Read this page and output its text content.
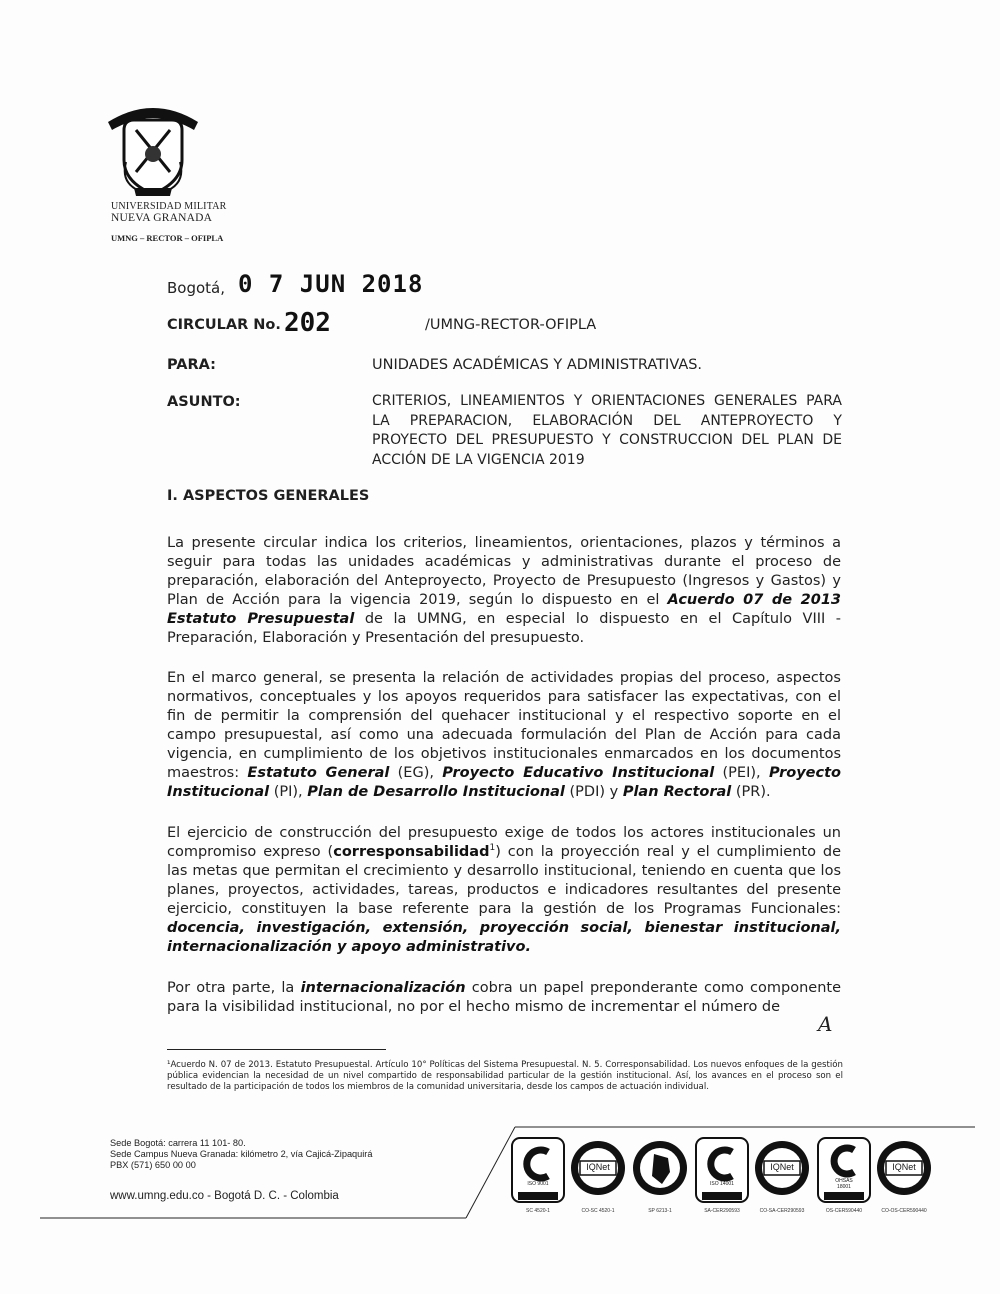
UNIVERSIDAD MILITAR
NUEVA GRANADA
UMNG – RECTOR – OFIPLA
Bogotá, 0 7 JUN 2018
CIRCULAR No. 202	/UMNG-RECTOR-OFIPLA
PARA:	UNIDADES ACADÉMICAS Y ADMINISTRATIVAS.
ASUNTO:	CRITERIOS, LINEAMIENTOS Y ORIENTACIONES GENERALES PARA LA PREPARACION, ELABORACIÓN DEL ANTEPROYECTO Y PROYECTO DEL PRESUPUESTO Y CONSTRUCCION DEL PLAN DE ACCIÓN DE LA VIGENCIA 2019
I. ASPECTOS GENERALES
La presente circular indica los criterios, lineamientos, orientaciones, plazos y términos a seguir para todas las unidades académicas y administrativas durante el proceso de preparación, elaboración del Anteproyecto, Proyecto de Presupuesto (Ingresos y Gastos) y Plan de Acción para la vigencia 2019, según lo dispuesto en el Acuerdo 07 de 2013 Estatuto Presupuestal de la UMNG, en especial lo dispuesto en el Capítulo VIII - Preparación, Elaboración y Presentación del presupuesto.
En el marco general, se presenta la relación de actividades propias del proceso, aspectos normativos, conceptuales y los apoyos requeridos para satisfacer las expectativas, con el fin de permitir la comprensión del quehacer institucional y el respectivo soporte en el campo presupuestal, así como una adecuada formulación del Plan de Acción para cada vigencia, en cumplimiento de los objetivos institucionales enmarcados en los documentos maestros: Estatuto General (EG), Proyecto Educativo Institucional (PEI), Proyecto Institucional (PI), Plan de Desarrollo Institucional (PDI) y Plan Rectoral (PR).
El ejercicio de construcción del presupuesto exige de todos los actores institucionales un compromiso expreso (corresponsabilidad$^1$) con la proyección real y el cumplimiento de las metas que permitan el crecimiento y desarrollo institucional, teniendo en cuenta que los planes, proyectos, actividades, tareas, productos e indicadores resultantes del presente ejercicio, constituyen la base referente para la gestión de los Programas Funcionales: docencia, investigación, extensión, proyección social, bienestar institucional, internacionalización y apoyo administrativo.
Por otra parte, la internacionalización cobra un papel preponderante como componente para la visibilidad institucional, no por el hecho mismo de incrementar el número de
A
¹Acuerdo N. 07 de 2013. Estatuto Presupuestal. Artículo 10° Políticas del Sistema Presupuestal. N. 5. Corresponsabilidad. Los nuevos enfoques de la gestión pública evidencian la necesidad de un nivel compartido de responsabilidad particular de la gestión institucional. Así, los avances en el proceso son el resultado de la participación de todos los miembros de la comunidad universitaria, desde los campos de actuación individual.
Sede Bogotá: carrera 11 101- 80.
Sede Campus Nueva Granada: kilómetro 2, vía Cajicá-Zipaquirá
PBX (571) 650 00 00
www.umng.edu.co - Bogotá D. C. - Colombia
ISO 9001
SC 4520-1
IQNet
CO-SC 4520-1	SP 6213-1
ISO 14001
SA-CER290593
IQNet
CO-SA-CER290593
OHSAS 18001
OS-CER590440
IQNet
CO-OS-CER590440
